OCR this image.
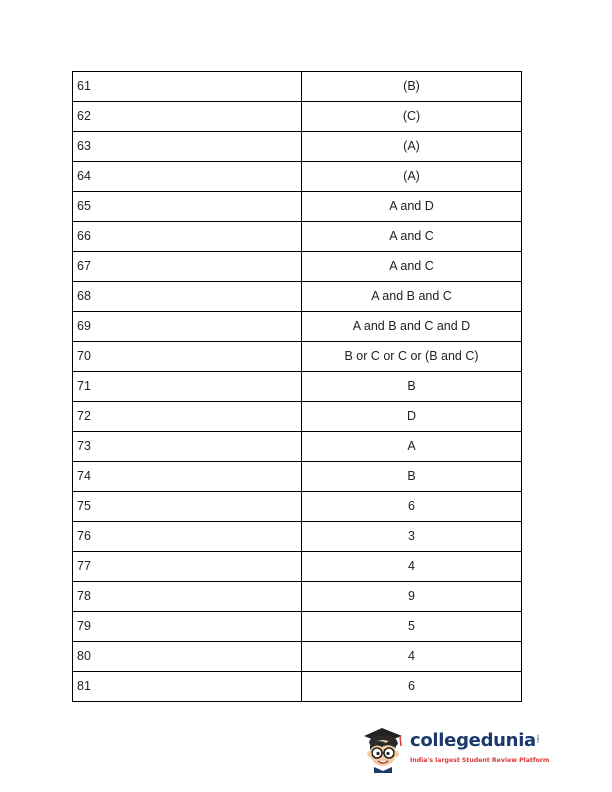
61	(B)
62	(C)
63	(A)
64	(A)
65	A and D
66	A and C
67	A and C
68	A and B and C
69	A and B and C and D
70	B or C or C or (B and C)
71	B
72	D
73	A
74	B
75	6
76	3
77	4
78	9
79	5
80	4
81	6
collegedunia .com
India's largest Student Review Platform
